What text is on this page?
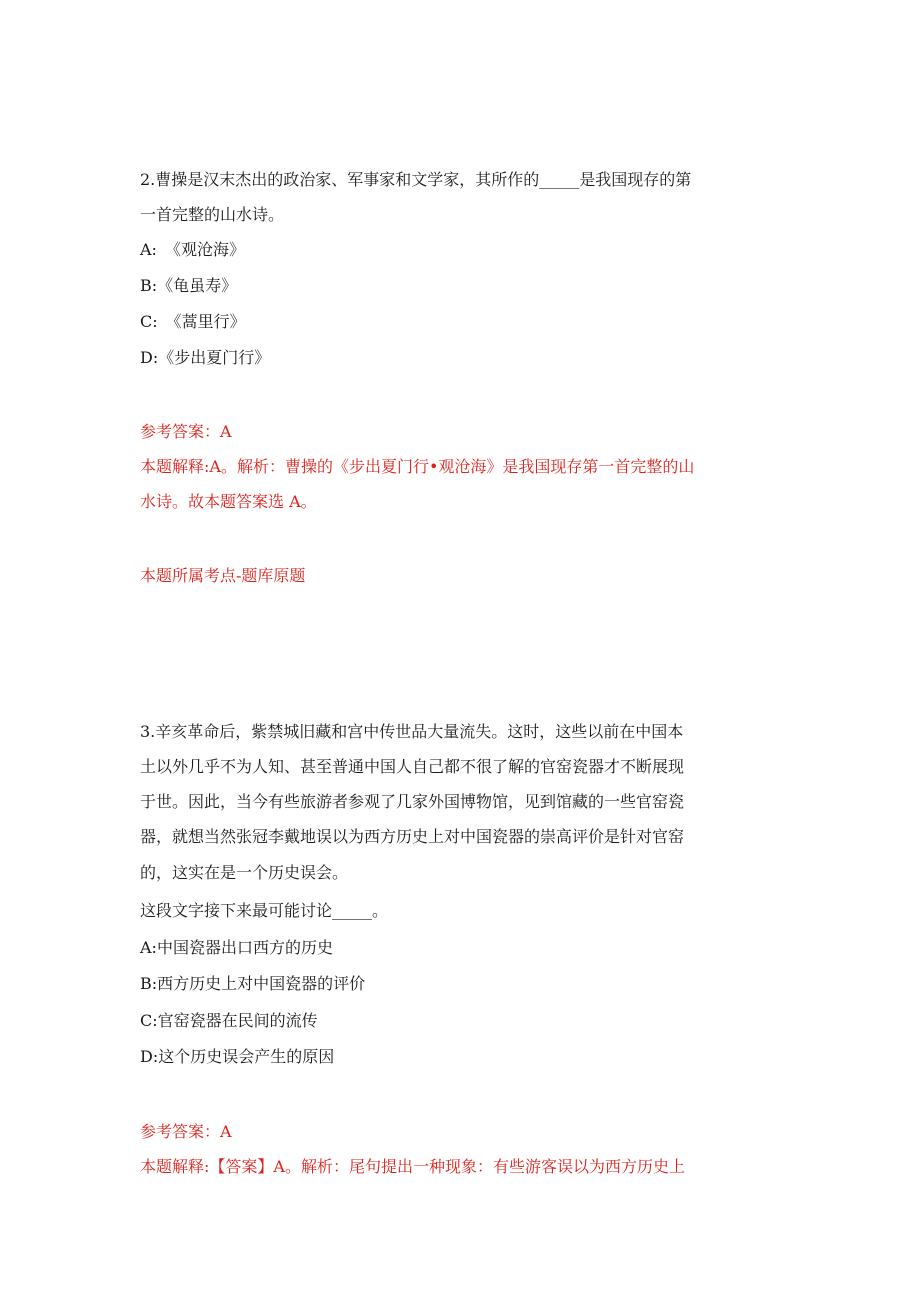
2.曹操是汉末杰出的政治家、军事家和文学家，其所作的_____是我国现存的第
一首完整的山水诗。
A:　《观沧海》
B:《龟虽寿》
C:　《蒿里行》
D:《步出夏门行》
参考答案：A
本题解释:A。解析：曹操的《步出夏门行•观沧海》是我国现存第一首完整的山
水诗。故本题答案选 A。
本题所属考点-题库原题
3.辛亥革命后，紫禁城旧藏和宫中传世品大量流失。这时，这些以前在中国本
土以外几乎不为人知、甚至普通中国人自己都不很了解的官窑瓷器才不断展现
于世。因此，当今有些旅游者参观了几家外国博物馆，见到馆藏的一些官窑瓷
器，就想当然张冠李戴地误以为西方历史上对中国瓷器的崇高评价是针对官窑
的，这实在是一个历史误会。
这段文字接下来最可能讨论_____。
A:中国瓷器出口西方的历史
B:西方历史上对中国瓷器的评价
C:官窑瓷器在民间的流传
D:这个历史误会产生的原因
参考答案：A
本题解释:【答案】A。解析：尾句提出一种现象：有些游客误以为西方历史上
